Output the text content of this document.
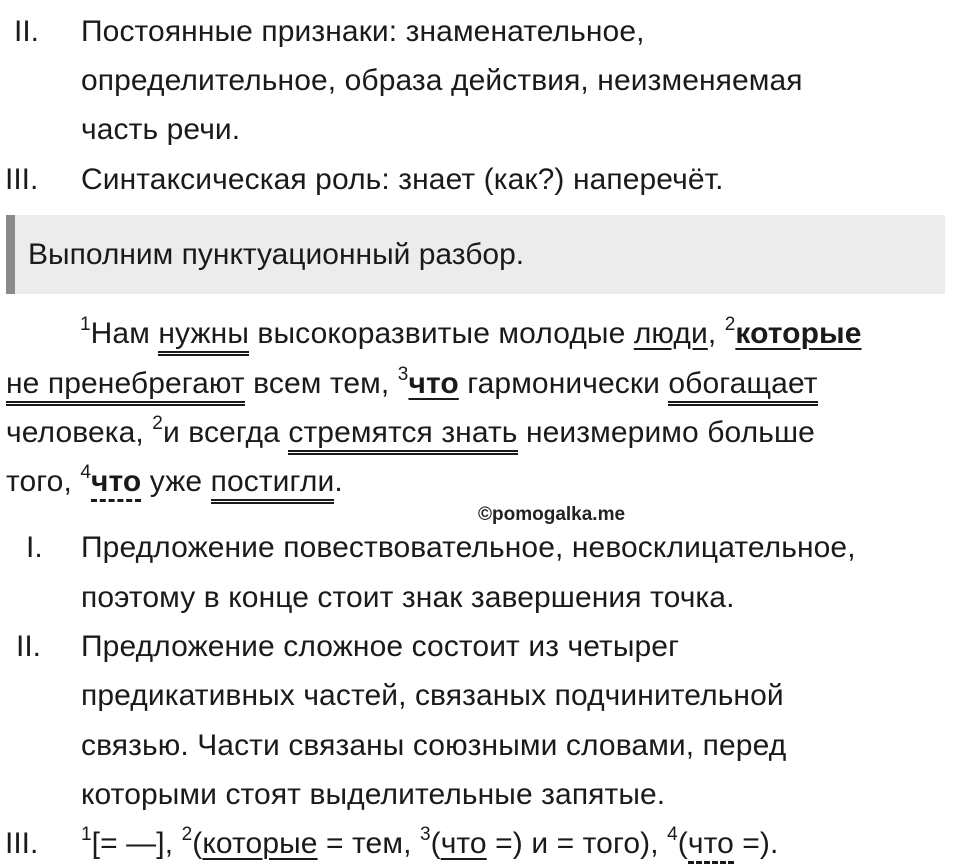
II. Постоянные признаки: знаменательное,
определительное, образа действия, неизменяемая
часть речи.
III. Синтаксическая роль: знает (как?) наперечёт.
Выполним пунктуационный разбор.
$^1$Нам нужны высокоразвитые молодые люди, $^2$которые
не пренебрегают всем тем, $^3$что гармонически обогащает
человека, $^2$и всегда стремятся знать неизмеримо больше
того, $^4$что уже постигли.
©pomogalka.me
I. Предложение повествовательное, невосклицательное,
поэтому в конце стоит знак завершения точка.
II. Предложение сложное состоит из четырег
предикативных частей, связаных подчинительной
связью. Части связаны союзными словами, перед
которыми стоят выделительные запятые.
III. $^1$[= —], $^2$(которые = тем, $^3$(что =) и = того), $^4$(что =).
